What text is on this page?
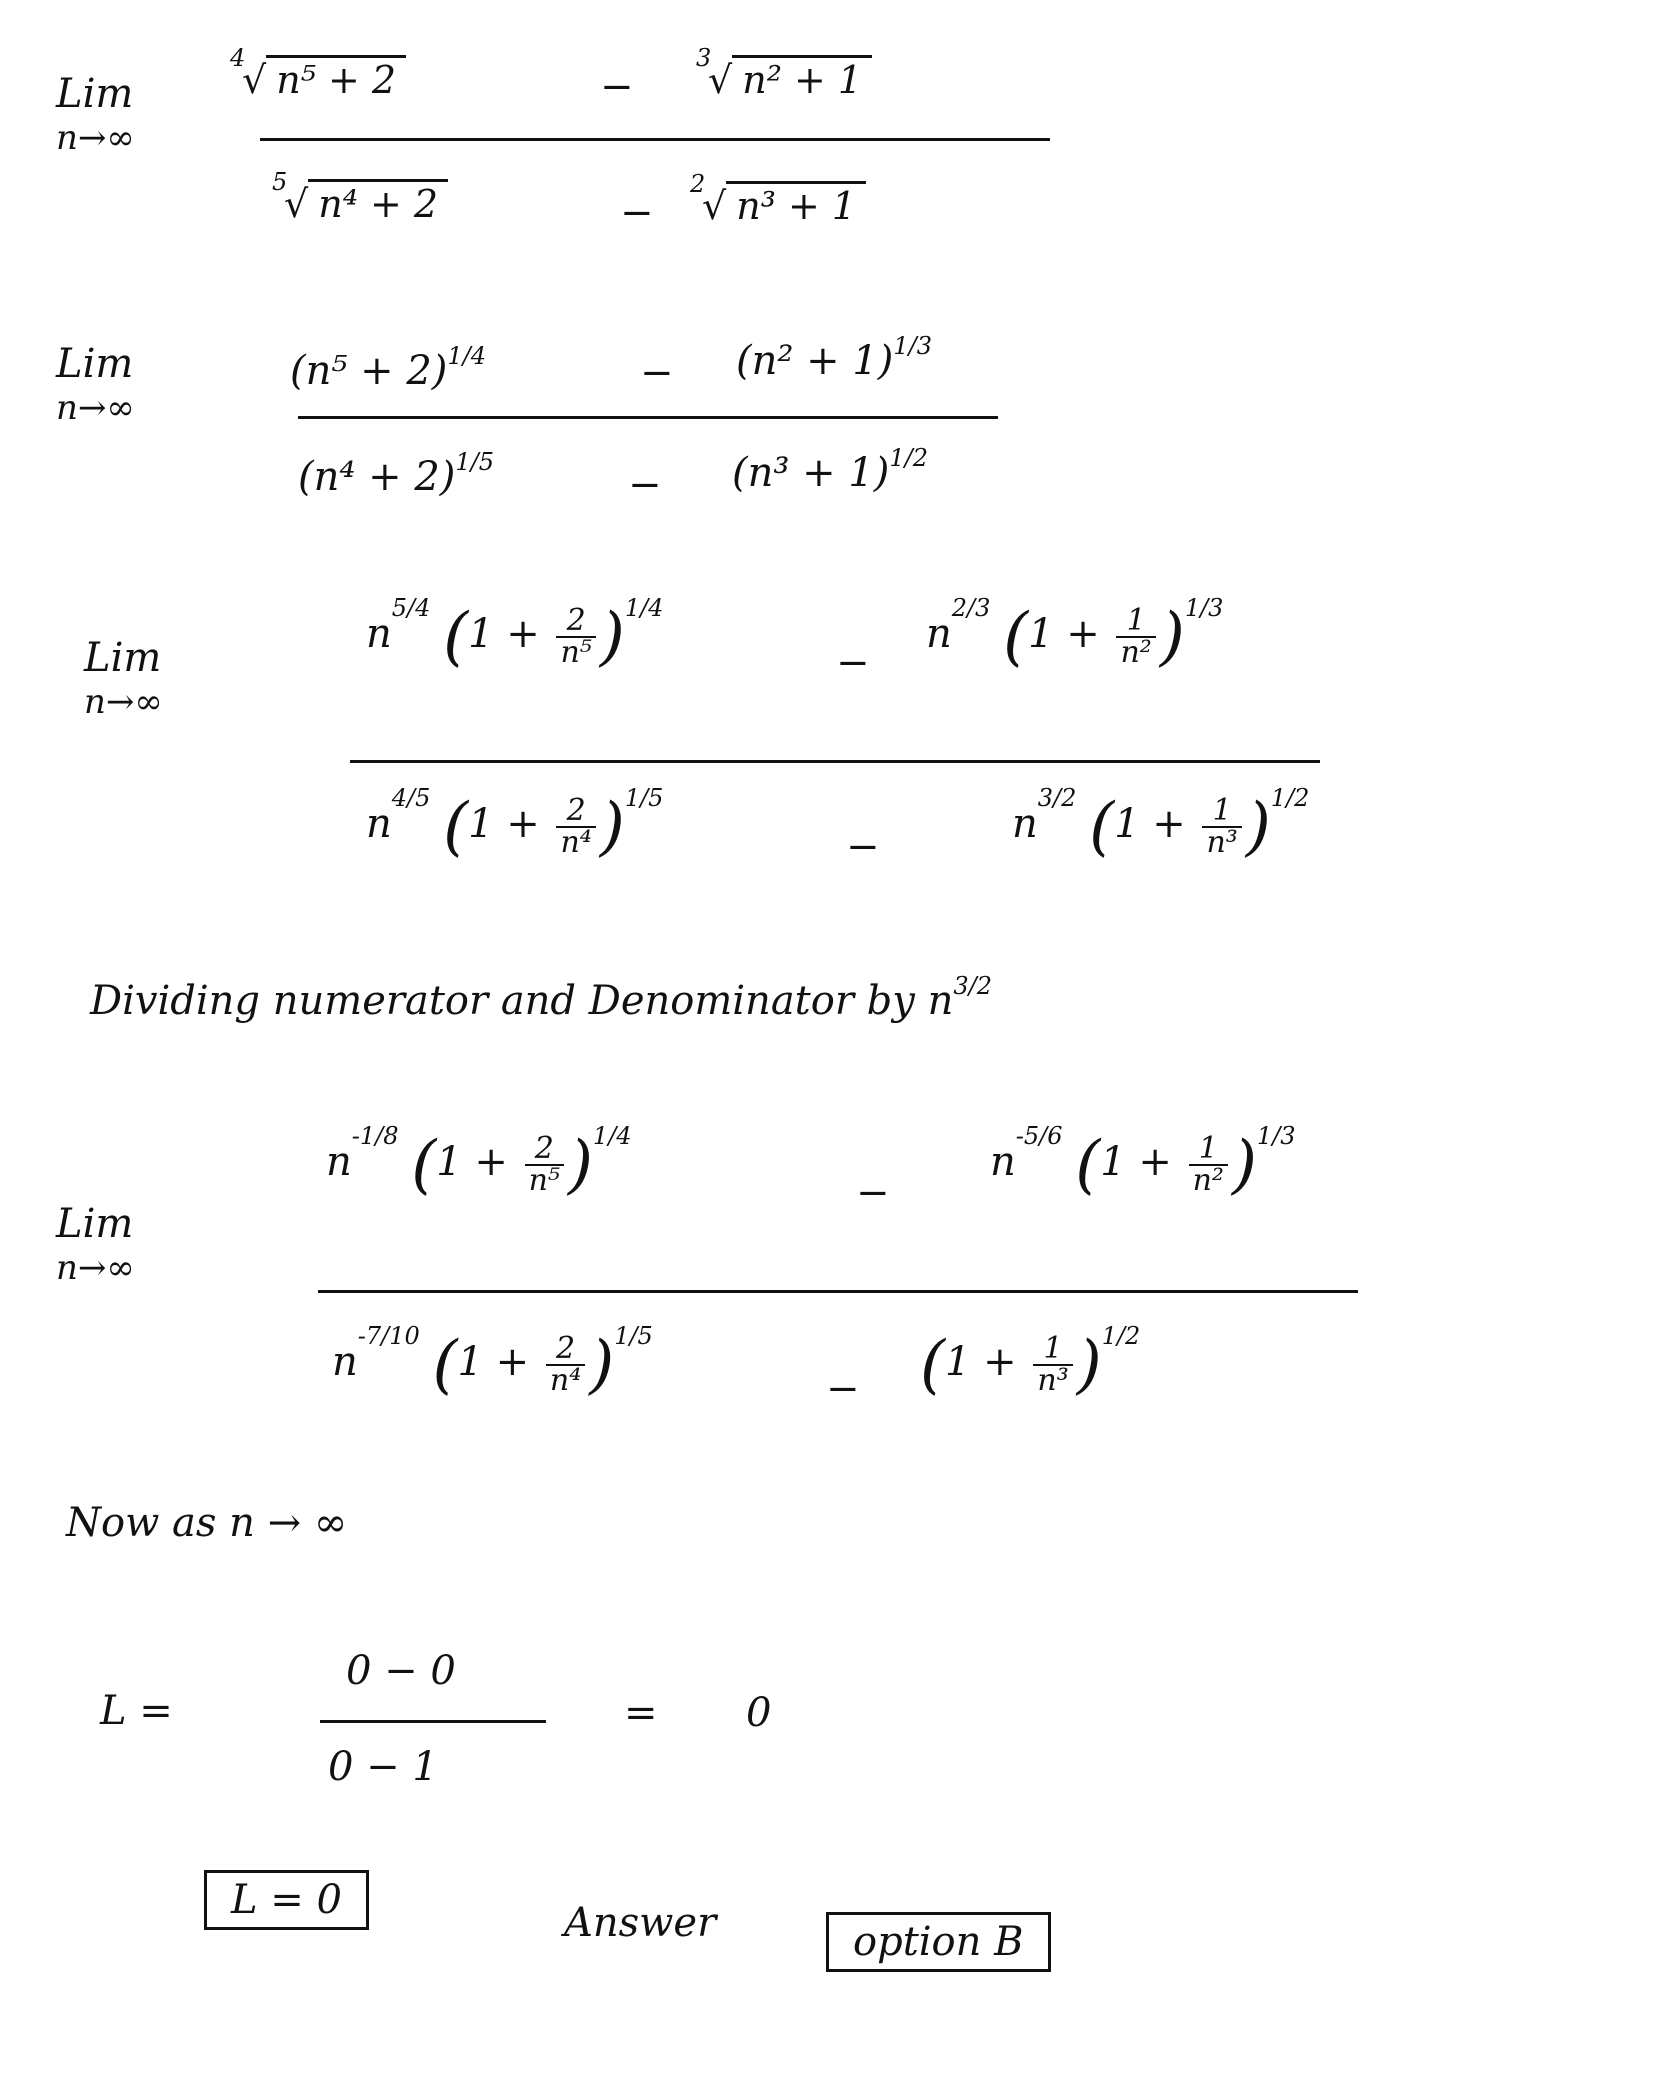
Lim
n→∞
4
√ n⁵ + 2	−
3
√ n² + 1
5
√ n⁴ + 2	−
2
√ n³ + 1
Lim
n→∞
$(n^5 + 2)^{1/4}$	− $(n^2 + 1)^{1/3}$
$(n^4 + 2)^{1/5}$	− $(n^3 + 1)^{1/2}$
Lim
n→∞
$n^{5/4}$ $(1 + \frac{2}{\text{n⁵}} )^{1/4}$
−
$n^{2/3}$ $(1 + \frac{1}{\text{n²}} )^{1/3}$
$n^{4/5}$ $(1 + \frac{2}{\text{n⁴}} )^{1/5}$
−	$n^{3/2}$ $(1 + \frac{1}{\text{n³}} )^{1/2}$
Dividing numerator and Denominator by $n^{3/2}$
Lim
n→∞
$n^{-1/8}$ $(1 + \frac{2}{\text{n⁵}} )^{1/4}$
−
$n^{-5/6}$ $(1 + \frac{1}{\text{n²}} )^{1/3}$
$n^{-7/10}$ $(1 + \frac{2}{\text{n⁴}} )^{1/5}$
− $(1 + \frac{1}{\text{n³}} )^{1/2}$
Now as n → ∞
L =
0 − 0
0 − 1
= 0
L = 0	Answer	option B
